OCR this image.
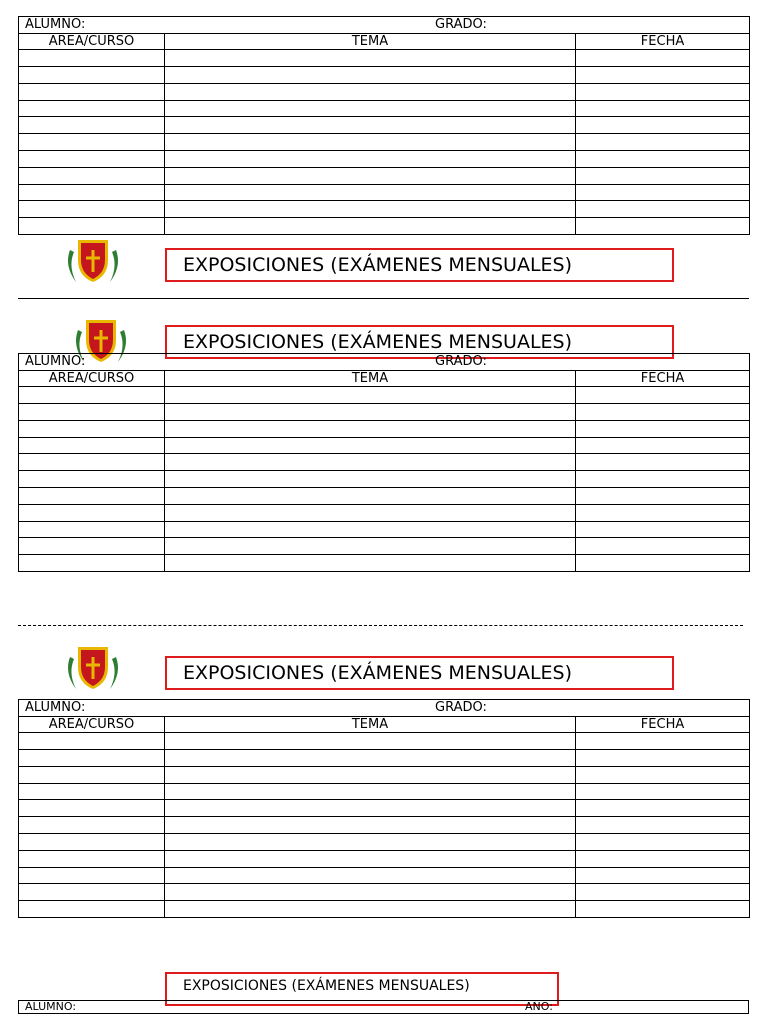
ALUMNO: GRADO:		
AREA/CURSO	TEMA	FECHA

EXPOSICIONES (EXÁMENES MENSUALES)
EXPOSICIONES (EXÁMENES MENSUALES)
ALUMNO: GRADO:		
AREA/CURSO	TEMA	FECHA

EXPOSICIONES (EXÁMENES MENSUALES)
ALUMNO: GRADO:		
AREA/CURSO	TEMA	FECHA

EXPOSICIONES (EXÁMENES MENSUALES)
ALUMNO:	AÑO:
